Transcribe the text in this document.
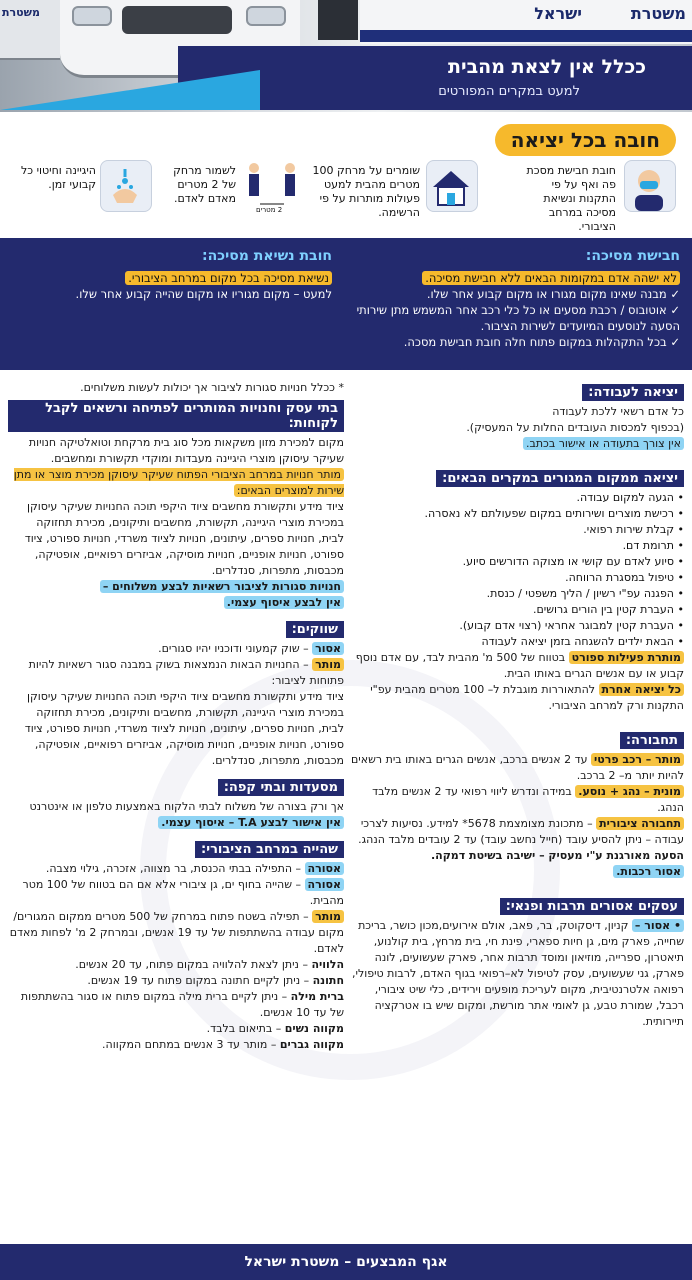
משטרת	משטרת
ישראל
ככלל אין לצאת מהבית
למעט במקרים המפורטים
חובה בכל יציאה
חובת חבישת מסכת פה ואף על פי התקנות ונשיאת מסיכה במרחב הציבורי.
שומרים על מרחק 100 מטרים מהבית למעט פעולות מותרות על פי הרשימה.
2 מטרים
לשמור מרחק של 2 מטרים מאדם לאדם.
היגיינה וחיטוי כל קבועי זמן.
חבישת מסיכה:

לא ישהה אדם במקומות הבאים ללא חבישת מסיכה.

✓ מבנה שאינו מקום מגורו או מקום קבוע אחר שלו.

✓ אוטובוס / רכבת מסעים או כל כלי רכב אחר המשמש מתן שירותי הסעה לנוסעים המיועדים לשירות הציבור.

✓ בכל התקהלות במקום פתוח חלה חובת חבישת מסכה.

חובת נשיאת מסיכה:

נשיאת מסיכה בכל מקום במרחב הציבורי.

למעט – מקום מגוריו או מקום שהייה קבוע אחר שלו.

יציאה לעבודה:
כל אדם רשאי ללכת לעבודה
(בכפוף למכסות העובדים החלות על המעסיק).
אין צורך בתעודה או אישור בכתב.
יציאה ממקום המגורים במקרים הבאים:
• הגעה למקום עבודה.
• רכישת מוצרים ושירותים במקום שפעולתם לא נאסרה.
• קבלת שירות רפואי.
• תרומת דם.
• סיוע לאדם עם קושי או מצוקה הדורשים סיוע.
• טיפול במסגרת הרווחה.
• הפגנה עפ"י רשיון / הליך משפטי / כנסת.
• העברת קטין בין הורים גרושים.
• העברת קטין למבוגר אחראי (רצוי אדם קבוע).
• הבאת ילדים להשגחה בזמן יציאה לעבודה
מותרת פעילות ספורט בטווח של 500 מ' מהבית לבד, עם אדם נוסף קבוע או עם אנשים הגרים באותו הבית.
כל יציאה אחרת להתאוררות מוגבלת ל– 100 מטרים מהבית עפ"י התקנות ורק למרחב הציבורי.
תחבורה:
מותר – רכב פרטי עד 2 אנשים ברכב, אנשים הגרים באותו בית רשאים להיות יותר מ– 2 ברכב.
מונית – נהג + נוסע. במידה ונדרש ליווי רפואי עד 2 אנשים מלבד הנהג.
תחבורה ציבורית – מתכונת מצומצמת 5678* למידע. נסיעות לצרכי עבודה – ניתן להסיע עובד (חייל נחשב עובד) עד 2 עובדים מלבד הנהג.
הסעה מאורגנת ע"י מעסיק – ישיבה בשיטת דמקה.
אסור רכבות.
עסקים אסורים תרבות ופנאי:
• אסור – קניון, דיסקוטק, בר, פאב, אולם אירועים,מכון כושר, בריכת שחייה, פארק מים, גן חיות ספארי, פינת חי, בית מרחץ, בית קולנוע, תיאטרון, ספרייה, מוזיאון ומוסד תרבות אחר, פארק שעשועים, לונה פארק, גני שעשועים, עסק לטיפול לא–רפואי בגוף האדם, לרבות טיפולי, רפואה אלטרנטיבית, מקום לעריכת מופעים וירידים, כלי שיט ציבורי, רכבל, שמורת טבע, גן לאומי אתר מורשת, ומקום שיש בו אטרקציה תיירותית.
* ככלל חנויות סגורות לציבור אך יכולות לעשות משלוחים.
בתי עסק וחנויות המותרים לפתיחה ורשאים לקבל לקוחות:
מקום למכירת מזון משקאות מכל סוג בית מרקחת וטואלטיקה חנויות שעיקר עיסוקן מוצרי היגיינה מעבדות ומוקדי תקשורת ומחשבים.
מותר חנויות במרחב הציבורי הפתוח שעיקר עיסוקן מכירת מוצר או מתן שירות למוצרים הבאים:
ציוד מידע ותקשורת מחשבים ציוד היקפי תוכה החנויות שעיקר עיסוקן במכירת מוצרי היגיינה, תקשורת, מחשבים ותיקונים, מכירת תחזוקה לבית, חנויות ספרים, עיתונים, חנויות לציוד משרדי, חנויות ספורט, ציוד ספורט, חנויות אופניים, חנויות מוסיקה, אביזרים רפואיים, אופטיקה, מכבסות, מתפרות, סנדלרים.
חנויות סגורות לציבור רשאיות לבצע משלוחים –
אין לבצע איסוף עצמי.
שווקים:
אסור – שוק קמעוני ודוכניו יהיו סגורים.
מותר – החנויות הבאות הנמצאות בשוק במבנה סגור רשאיות להיות פתוחות לציבור:
ציוד מידע ותקשורת מחשבים ציוד היקפי תוכה החנויות שעיקר עיסוקן במכירת מוצרי היגיינה, תקשורת, מחשבים ותיקונים, מכירת תחזוקה לבית, חנויות ספרים, עיתונים, חנויות לציוד משרדי, חנויות ספורט, ציוד ספורט, חנויות אופניים, חנויות מוסיקה, אביזרים רפואיים, אופטיקה, מכבסות, מתפרות, סנדלרים.
מסעדות ובתי קפה:
אך ורק בצורה של משלוח לבתי הלקוח באמצעות טלפון או אינטרנט
אין אישור לבצע T.A – איסוף עצמי.
שהייה במרחב הציבורי:
אסורה – התפילה בבתי הכנסת, בר מצווה, אזכרה, גילוי מצבה.
אסורה – שהייה בחוף ים, גן ציבורי אלא אם הם בטווח של 100 מטר מהבית.
מותר – תפילה בשטח פתוח במרחק של 500 מטרים ממקום המגורים/ מקום עבודה בהשתתפות של עד 19 אנשים, ובמרחק 2 מ' לפחות מאדם לאדם.
הלוויה – ניתן לצאת להלוויה במקום פתוח, עד 20 אנשים.
חתונה – ניתן לקיים חתונה במקום פתוח עד 19 אנשים.
ברית מילה – ניתן לקיים ברית מילה במקום פתוח או סגור בהשתתפות של עד 10 אנשים.
מקווה נשים – בתיאום בלבד.
מקווה גברים – מותר עד 3 אנשים במתחם המקווה.
אגף המבצעים – משטרת ישראל
